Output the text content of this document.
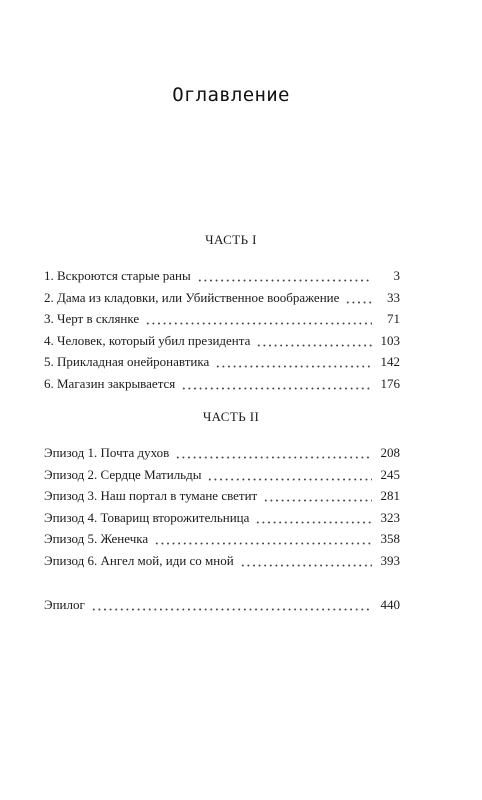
Оглавление
ЧАСТЬ I
1. Вскроются старые раны	3
2. Дама из кладовки, или Убийственное воображение	33
3. Черт в склянке	71
4. Человек, который убил президента	103
5. Прикладная онейронавтика	142
6. Магазин закрывается	176
ЧАСТЬ II
Эпизод 1. Почта духов	208
Эпизод 2. Сердце Матильды	245
Эпизод 3. Наш портал в тумане светит	281
Эпизод 4. Товарищ второжительница	323
Эпизод 5. Женечка	358
Эпизод 6. Ангел мой, иди со мной	393
Эпилог	440
